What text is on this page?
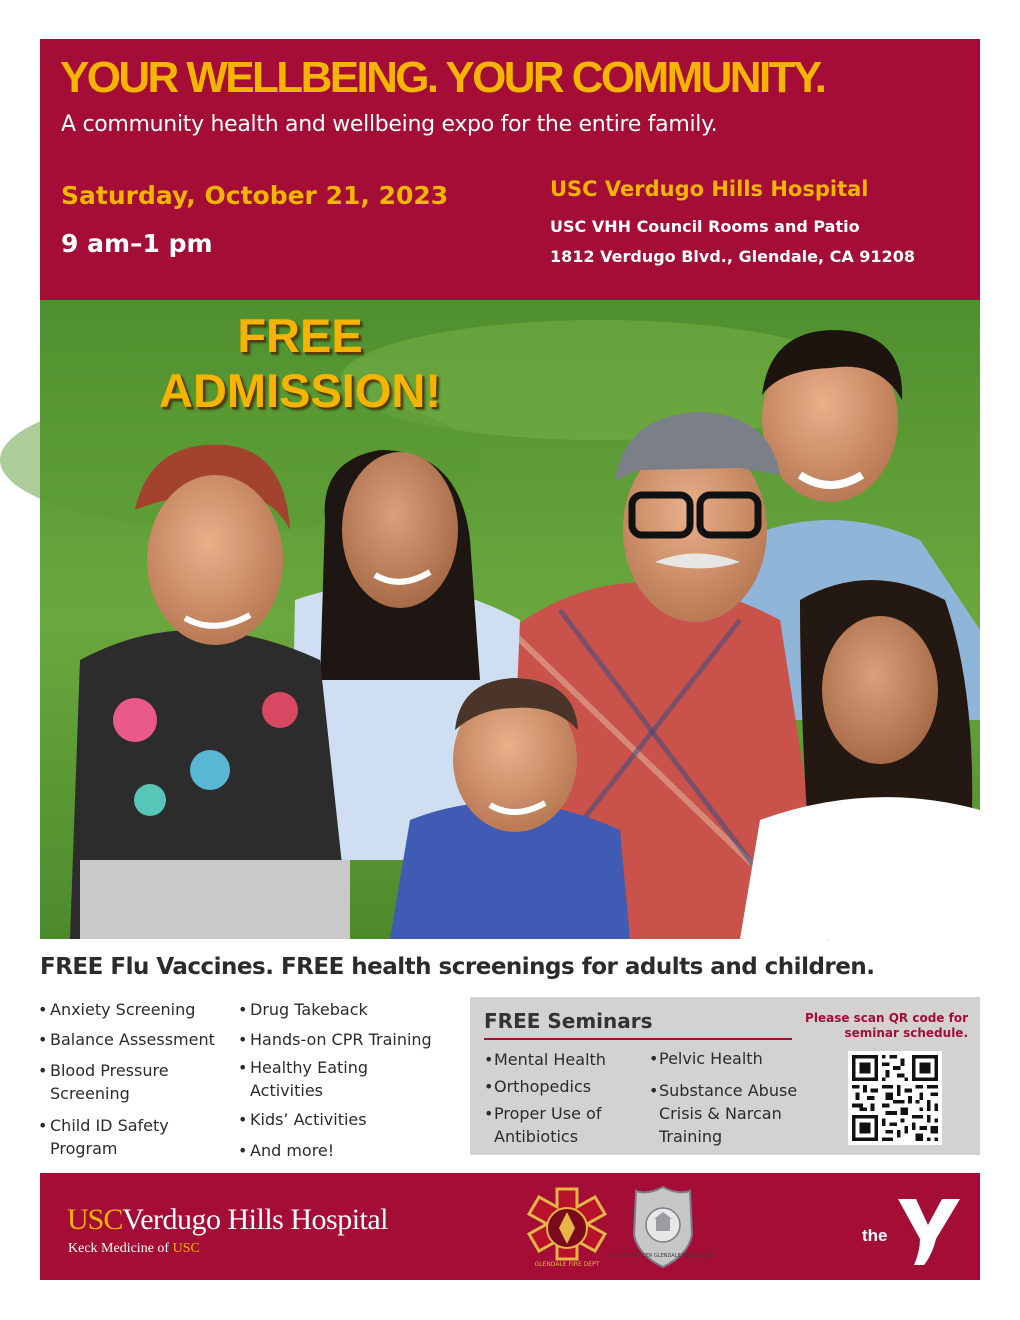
YOUR WELLBEING. YOUR COMMUNITY.
A community health and wellbeing expo for the entire family.
Saturday, October 21, 2023
9 am–1 pm
USC Verdugo Hills Hospital
USC VHH Council Rooms and Patio
1812 Verdugo Blvd., Glendale, CA 91208
FREE
ADMISSION!
FREE Flu Vaccines. FREE health screenings for adults and children.
• Anxiety Screening
• Balance Assessment
• Blood Pressure Screening
• Child ID Safety Program
• Drug Takeback
• Hands-on CPR Training
• Healthy Eating Activities
• Kids’ Activities
• And more!
FREE Seminars	Please scan QR code for seminar schedule.
•Mental Health
•Orthopedics
•Proper Use of Antibiotics
•Pelvic Health
•Substance Abuse Crisis & Narcan Training
USCVerdugo Hills Hospital
Keck Medicine of USC
GLENDALE FIRE DEPT
POLICE OFFICER GLENDALE POLICE 1906
the
YMCA
